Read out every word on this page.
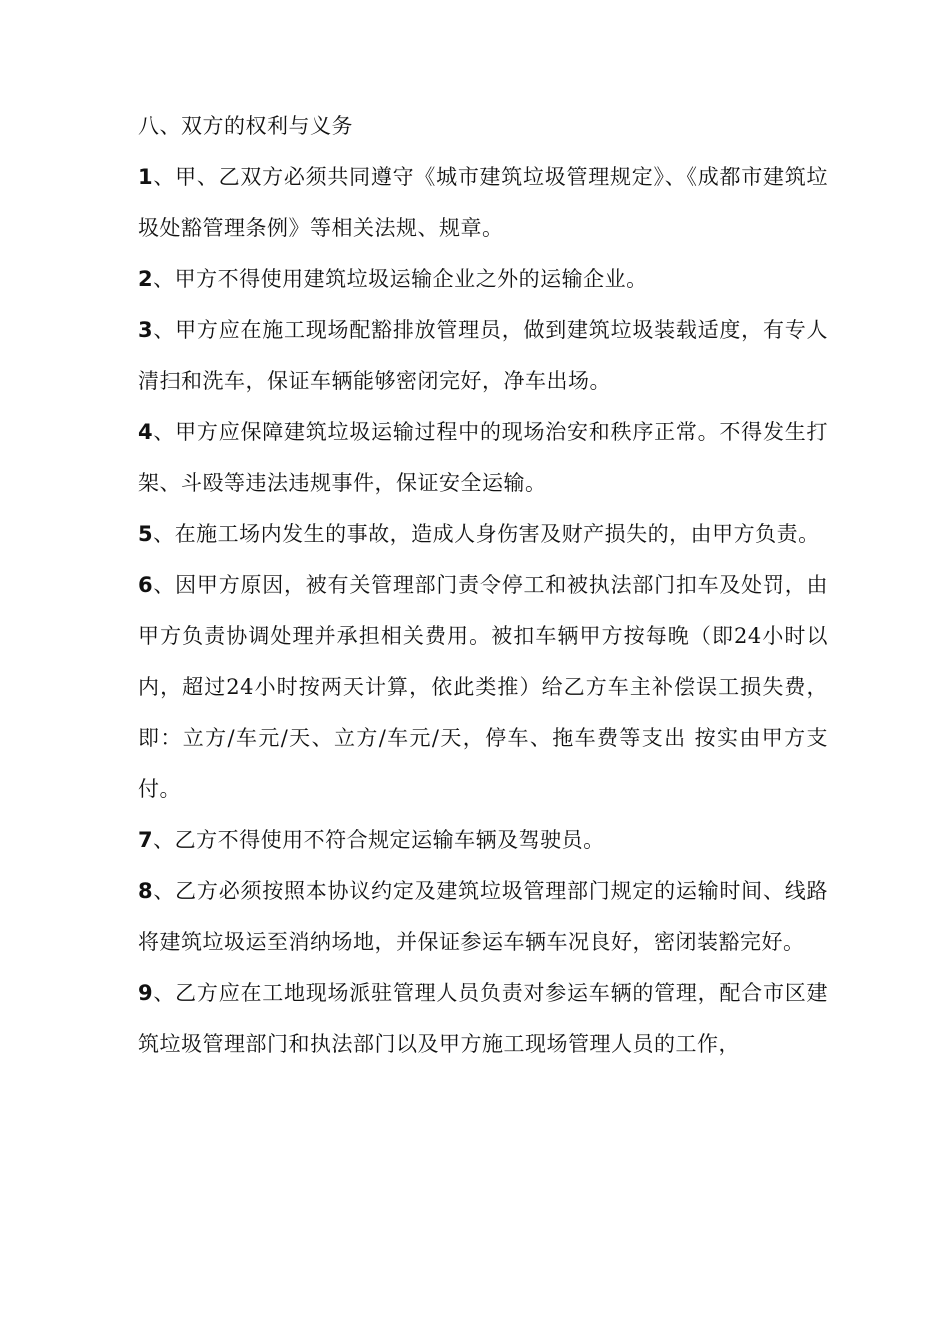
八、双方的权利与义务

1、甲、乙双方必须共同遵守《城市建筑垃圾管理规定》、《成都市建筑垃圾处豁管理条例》等相关法规、规章。

2、甲方不得使用建筑垃圾运输企业之外的运输企业。

3、甲方应在施工现场配豁排放管理员，做到建筑垃圾装载适度，有专人清扫和洗车，保证车辆能够密闭完好，净车出场。

4、甲方应保障建筑垃圾运输过程中的现场治安和秩序正常。不得发生打架、斗殴等违法违规事件，保证安全运输。

5、在施工场内发生的事故，造成人身伤害及财产损失的，由甲方负责。

6、因甲方原因，被有关管理部门责令停工和被执法部门扣车及处罚，由甲方负责协调处理并承担相关费用。被扣车辆甲方按每晚（即24小时以内，超过24小时按两天计算，依此类推）给乙方车主补偿误工损失费，即：立方/车元/天、立方/车元/天，停车、拖车费等支出 按实由甲方支付。

7、乙方不得使用不符合规定运输车辆及驾驶员。

8、乙方必须按照本协议约定及建筑垃圾管理部门规定的运输时间、线路将建筑垃圾运至消纳场地，并保证参运车辆车况良好，密闭装豁完好。

9、乙方应在工地现场派驻管理人员负责对参运车辆的管理，配合市区建筑垃圾管理部门和执法部门以及甲方施工现场管理人员的工作，
